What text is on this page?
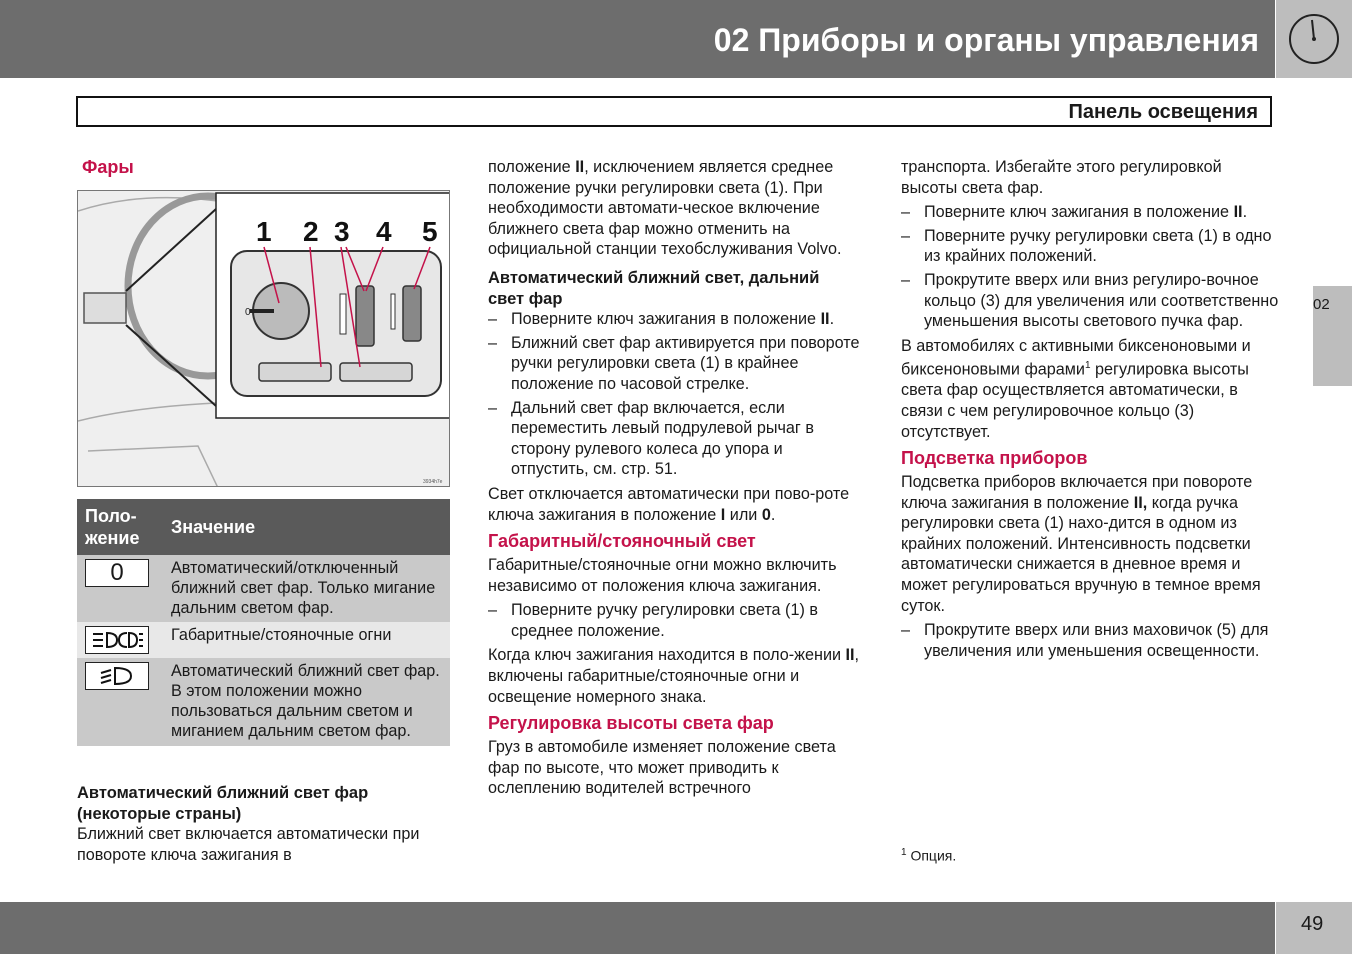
02 Приборы и органы управления
Панель освещения
02
Фары
1 2 3 4 5
0
3934h7e
Поло-
жение	Значение

0	Автоматический/отключенный ближний свет фар. Только мигание дальним светом фар.

	Габаритные/стояночные огни

	Автоматический ближний свет фар. В этом положении можно пользоваться дальним светом и миганием дальним светом фар.
Автоматический ближний свет фар (некоторые страны)

Ближний свет включается автоматически при повороте ключа зажигания в

положение II, исключением является среднее положение ручки регулировки света (1). При необходимости автомати-ческое включение ближнего света фар можно отменить на официальной станции техобслуживания Volvo.

Автоматический ближний свет, дальний свет фар
– Поверните ключ зажигания в положение II.
– Ближний свет фар активируется при повороте ручки регулировки света (1) в крайнее положение по часовой стрелке.
– Дальний свет фар включается, если переместить левый подрулевой рычаг в сторону рулевого колеса до упора и отпустить, см. стр. 51.

Свет отключается автоматически при пово-роте ключа зажигания в положение I или 0.

Габаритный/стояночный свет

Габаритные/стояночные огни можно включить независимо от положения ключа зажигания.

– Поверните ручку регулировки света (1) в среднее положение.

Когда ключ зажигания находится в поло-жении II, включены габаритные/стояночные огни и освещение номерного знака.

Регулировка высоты света фар

Груз в автомобиле изменяет положение света фар по высоте, что может приводить к ослеплению водителей встречного

транспорта. Избегайте этого регулировкой высоты света фар.

– Поверните ключ зажигания в положение II.
– Поверните ручку регулировки света (1) в одно из крайних положений.
– Прокрутите вверх или вниз регулиро-вочное кольцо (3) для увеличения или соответственно уменьшения высоты светового пучка фар.

В автомобилях с активными биксеноновыми и биксеноновыми фарами$^1$ регулировка высоты света фар осуществляется автоматически, в связи с чем регулировочное кольцо (3) отсутствует.

Подсветка приборов

Подсветка приборов включается при повороте ключа зажигания в положение II, когда ручка регулировки света (1) нахо-дится в одном из крайних положений. Интенсивность подсветки автоматически снижается в дневное время и может регулироваться вручную в темное время суток.

– Прокрутите вверх или вниз маховичок (5) для увеличения или уменьшения освещенности.
$^1$ Опция.
49
